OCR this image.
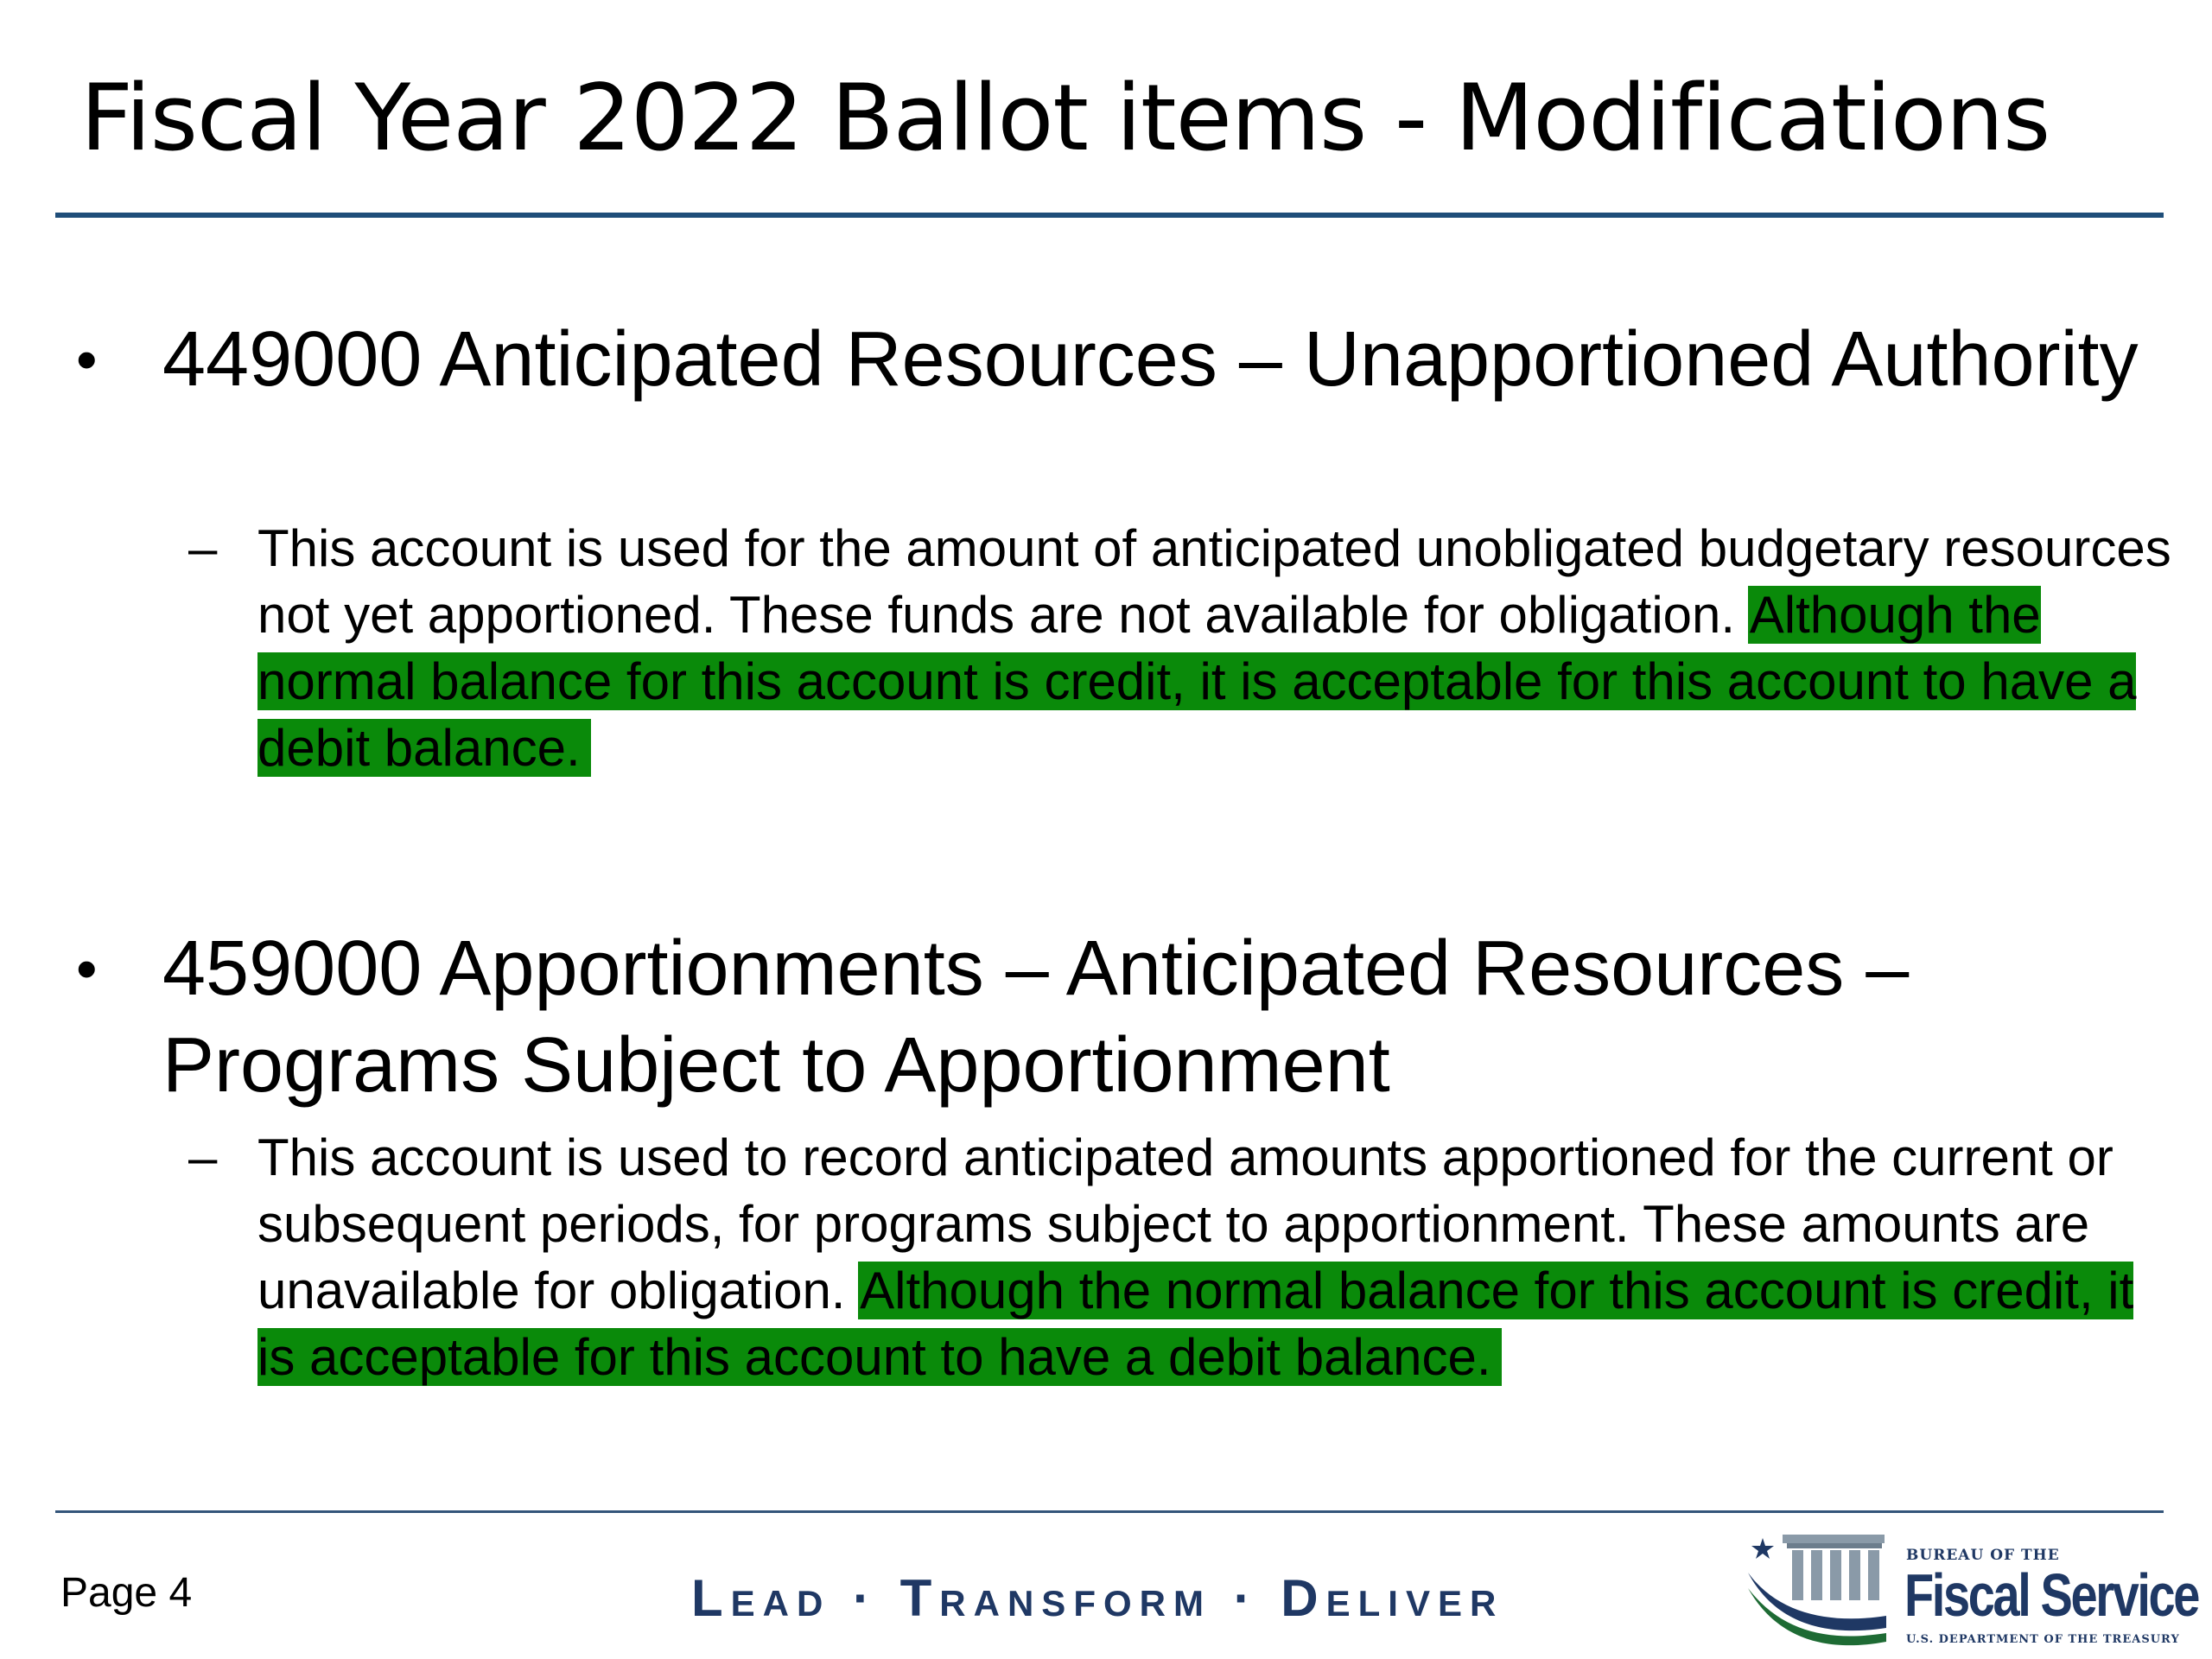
Fiscal Year 2022 Ballot items - Modifications
• 449000 Anticipated Resources – Unapportioned Authority
– This account is used for the amount of anticipated unobligated budgetary resources not yet apportioned. These funds are not available for obligation. Although the normal balance for this account is credit, it is acceptable for this account to have a debit balance.

• 459000 Apportionments – Anticipated Resources – Programs Subject to Apportionment
– This account is used to record anticipated amounts apportioned for the current or subsequent periods, for programs subject to apportionment. These amounts are unavailable for obligation. Although the normal balance for this account is credit, it is acceptable for this account to have a debit balance.

Page 4	Lead · Transform · Deliver

BUREAU OF THE

Fiscal Service

U.S. DEPARTMENT OF THE TREASURY
